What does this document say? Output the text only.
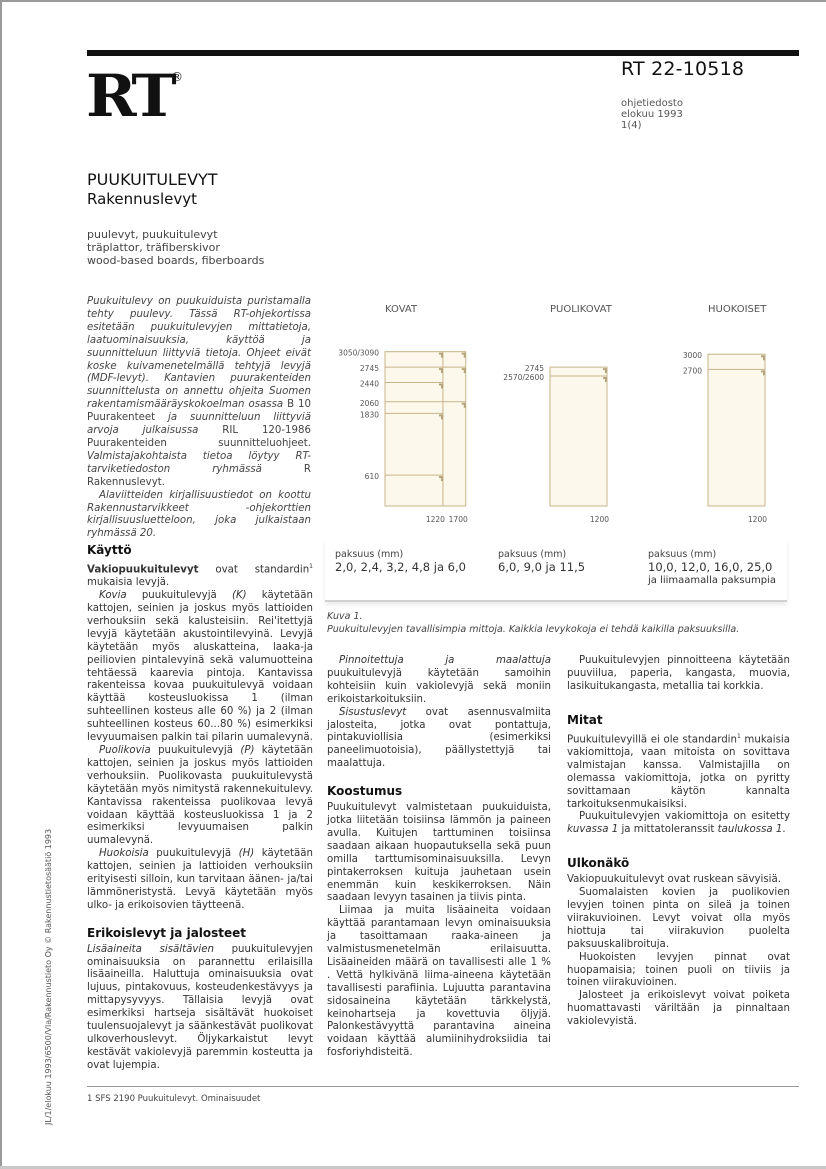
RT
®	RT 22-10518
ohjetiedosto
elokuu 1993
1(4)
PUUKUITULEVYT
Rakennuslevyt
puulevyt, puukuitulevyt
träplattor, träfiberskivor
wood-based boards, fiberboards

Puukuitulevy on puukuiduista puristamalla tehty puulevy. Tässä RT-ohjekortissa esitetään puukuitulevyjen mittatietoja, laatuominaisuuksia, käyttöä ja suunnitteluun liittyviä tietoja. Ohjeet eivät koske kuivamenetelmällä tehtyjä levyjä (MDF-levyt). Kantavien puurakenteiden suunnittelusta on annettu ohjeita Suomen rakentamismääräyskokoelman osassa B 10 Puurakenteet ja suunnitteluun liittyviä arvoja julkaisussa RIL 120-1986 Puurakenteiden suunnitteluohjeet. Valmistajakohtaista tietoa löytyy RT-tarviketiedoston ryhmässä R Rakennuslevyt.

Alaviitteiden kirjallisuustiedot on koottu Rakennustarvikkeet -ohjekorttien kirjallisuusluetteloon, joka julkaistaan ryhmässä 20.

KOVAT
3050/3090
2745
2440
2060
1830
610
1220 1700
PUOLIKOVAT
2745
2570/2600
1200
HUOKOISET
3000
2700
1200
paksuus (mm)
2,0, 2,4, 3,2, 4,8 ja 6,0
paksuus (mm)
6,0, 9,0 ja 11,5
paksuus (mm)
10,0, 12,0, 16,0, 25,0
ja liimaamalla paksumpia
Kuva 1.
Puukuitulevyjen tavallisimpia mittoja. Kaikkia levykokoja ei tehdä kaikilla paksuuksilla.
Käyttö

Vakiopuukuitulevyt ovat standardin$^1$ mukaisia levyjä.

Kovia puukuitulevyjä (K) käytetään kattojen, seinien ja joskus myös lattioiden verhouksiin sekä kalusteisiin. Rei'itettyjä levyjä käytetään akustointilevyinä. Levyjä käytetään myös aluskatteina, laaka-ja peiliovien pintalevyinä sekä valumuotteina tehtäessä kaarevia pintoja. Kantavissa rakenteissa kovaa puukuitulevyä voidaan käyttää kosteusluokissa 1 (ilman suhteellinen kosteus alle 60 %) ja 2 (ilman suhteellinen kosteus 60...80 %) esimerkiksi levyuumaisen palkin tai pilarin uumalevynä.

Puolikovia puukuitulevyjä (P) käytetään kattojen, seinien ja joskus myös lattioiden verhouksiin. Puolikovasta puukuitulevystä käytetään myös nimitystä rakennekuitulevy. Kantavissa rakenteissa puolikovaa levyä voidaan käyttää kosteusluokissa 1 ja 2 esimerkiksi levyuumaisen palkin uumalevynä.

Huokoisia puukuitulevyjä (H) käytetään kattojen, seinien ja lattioiden verhouksiin erityisesti silloin, kun tarvitaan äänen- ja/tai lämmöneristystä. Levyä käytetään myös ulko- ja erikoisovien täytteenä.

Erikoislevyt ja jalosteet

Lisäaineita sisältävien puukuitulevyjen ominaisuuksia on parannettu erilaisilla lisäaineilla. Haluttuja ominaisuuksia ovat lujuus, pintakovuus, kosteudenkestävyys ja mittapysyvyys. Tällaisia levyjä ovat esimerkiksi hartseja sisältävät huokoiset tuulensuojalevyt ja säänkestävät puolikovat ulkoverhouslevyt. Öljykarkaistut levyt kestävät vakiolevyjä paremmin kosteutta ja ovat lujempia.

Pinnoitettuja ja maalattuja puukuitulevyjä käytetään samoihin kohteisiin kuin vakiolevyjä sekä moniin erikoistarkoituksiin.

Sisustuslevyt ovat asennusvalmiita jalosteita, jotka ovat pontattuja, pintakuviollisia (esimerkiksi paneelimuotoisia), päällystettyjä tai maalattuja.

Koostumus

Puukuitulevyt valmistetaan puukuiduista, jotka liitetään toisiinsa lämmön ja paineen avulla. Kuitujen tarttuminen toisiinsa saadaan aikaan huopautuksella sekä puun omilla tarttumisominaisuuksilla. Levyn pintakerroksen kuituja jauhetaan usein enemmän kuin keskikerroksen. Näin saadaan levyyn tasainen ja tiivis pinta.

Liimaa ja muita lisäaineita voidaan käyttää parantamaan levyn ominaisuuksia ja tasoittamaan raaka-aineen ja valmistusmenetelmän erilaisuutta. Lisäaineiden määrä on tavallisesti alle 1 % . Vettä hylkivänä liima-aineena käytetään tavallisesti parafiinia. Lujuutta parantavina sidosaineina käytetään tärkkelystä, keinohartseja ja kovettuvia öljyjä. Palonkestävyyttä parantavina aineina voidaan käyttää alumiinihydroksiidia tai fosforiyhdisteitä.

Puukuitulevyjen pinnoitteena käytetään puuviilua, paperia, kangasta, muovia, lasikuitukangasta, metallia tai korkkia.

Mitat

Puukuitulevyillä ei ole standardin$^1$ mukaisia vakiomittoja, vaan mitoista on sovittava valmistajan kanssa. Valmistajilla on olemassa vakiomittoja, jotka on pyritty sovittamaan käytön kannalta tarkoituksenmukaisiksi.

Puukuitulevyjen vakiomittoja on esitetty kuvassa 1 ja mittatoleranssit taulukossa 1.

Ulkonäkö

Vakiopuukuitulevyt ovat ruskean sävyisiä.

Suomalaisten kovien ja puolikovien levyjen toinen pinta on sileä ja toinen viirakuvioinen. Levyt voivat olla myös hiottuja tai viirakuvion puolelta paksuuskalibroituja.

Huokoisten levyjen pinnat ovat huopamaisia; toinen puoli on tiiviis ja toinen viirakuvioinen.

Jalosteet ja erikoislevyt voivat poiketa huomattavasti väriltään ja pinnaltaan vakiolevyistä.

1 SFS 2190 Puukuitulevyt. Ominaisuudet
JL/1/elokuu 1993/6500/Vla/Rakennustieto Oy © Rakennustietosäätiö 1993
